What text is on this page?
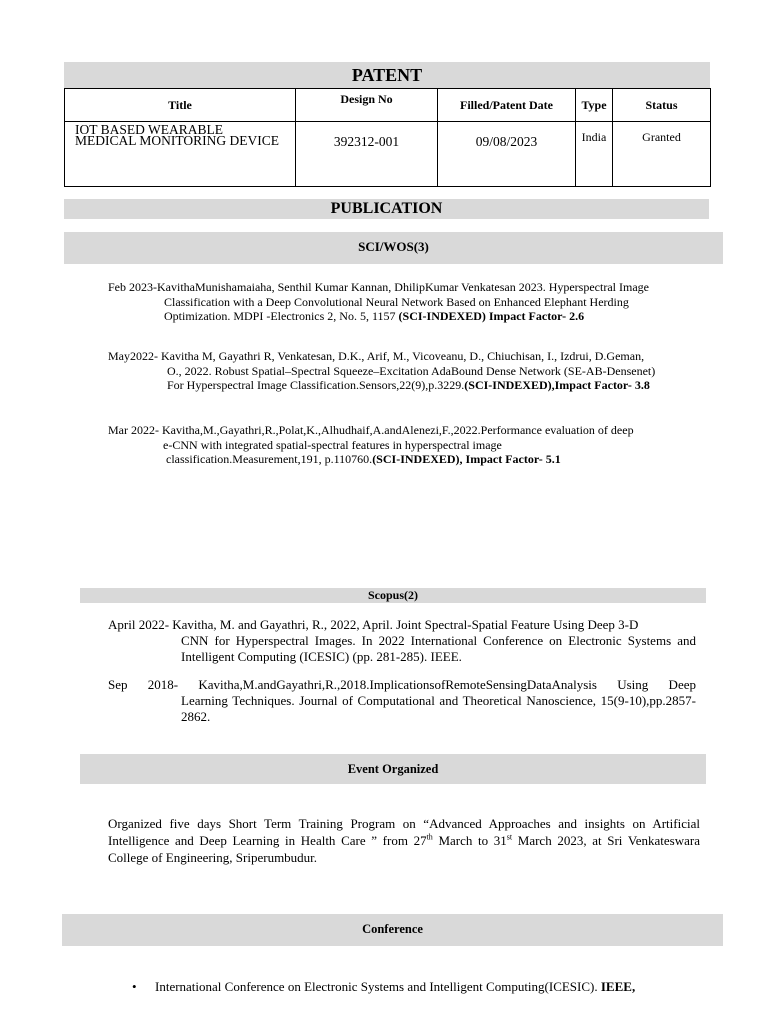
PATENT
Title	Design No	Filled/Patent Date	Type	Status

IOT BASED WEARABLE
MEDICAL MONITORING DEVICE	392312-001	09/08/2023	India	Granted
PUBLICATION
SCI/WOS(3)
Feb 2023-KavithaMunishamaiaha, Senthil Kumar Kannan, DhilipKumar Venkatesan 2023. Hyperspectral Image
Classification with a Deep Convolutional Neural Network Based on Enhanced Elephant Herding
Optimization. MDPI -Electronics 2, No. 5, 1157 (SCI-INDEXED) Impact Factor- 2.6
May2022- Kavitha M, Gayathri R, Venkatesan, D.K., Arif, M., Vicoveanu, D., Chiuchisan, I., Izdrui, D.Geman,
O., 2022. Robust Spatial–Spectral Squeeze–Excitation AdaBound Dense Network (SE-AB-Densenet)
For Hyperspectral Image Classification.Sensors,22(9),p.3229.(SCI-INDEXED),Impact Factor- 3.8
Mar 2022- Kavitha,M.,Gayathri,R.,Polat,K.,Alhudhaif,A.andAlenezi,F.,2022.Performance evaluation of deep
e-CNN with integrated spatial-spectral features in hyperspectral image
classification.Measurement,191, p.110760.(SCI-INDEXED), Impact Factor- 5.1
Scopus(2)
April 2022- Kavitha, M. and Gayathri, R., 2022, April. Joint Spectral-Spatial Feature Using Deep 3-D
CNN for Hyperspectral Images. In 2022 International Conference on Electronic Systems and Intelligent Computing (ICESIC) (pp. 281-285). IEEE.
Sep 2018- Kavitha,M.andGayathri,R.,2018.ImplicationsofRemoteSensingDataAnalysis Using Deep
Learning Techniques. Journal of Computational and Theoretical Nanoscience, 15(9-10),pp.2857-2862.
Event Organized
Organized five days Short Term Training Program on “Advanced Approaches and insights on Artificial Intelligence and Deep Learning in Health Care ” from 27th March to 31st March 2023, at Sri Venkateswara College of Engineering, Sriperumbudur.
Conference
• International Conference on Electronic Systems and Intelligent Computing(ICESIC). IEEE,
